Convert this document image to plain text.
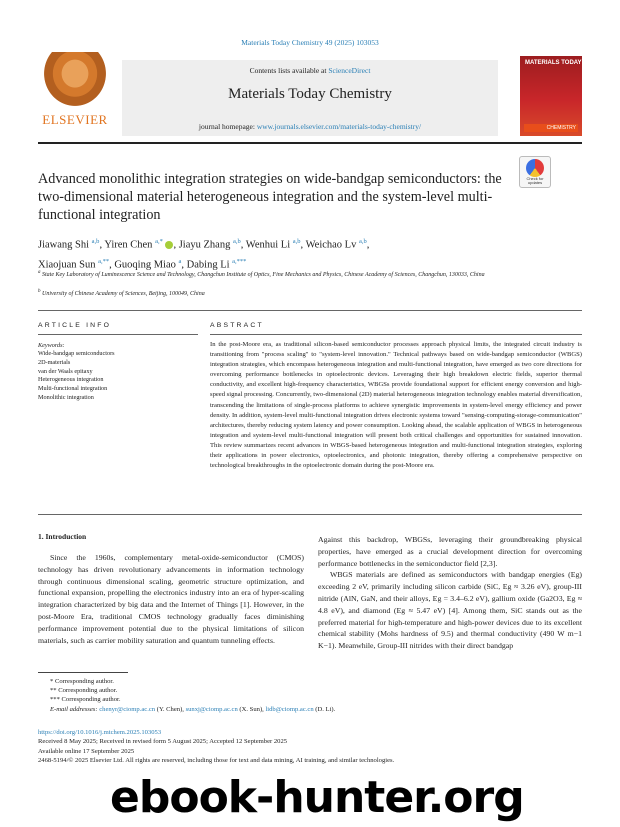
Materials Today Chemistry 49 (2025) 103053
ELSEVIER
Contents lists available at ScienceDirect
Materials Today Chemistry
journal homepage: www.journals.elsevier.com/materials-today-chemistry/
MATERIALS TODAY
CHEMISTRY
Check for updates
Advanced monolithic integration strategies on wide-bandgap semiconductors: the two-dimensional material heterogeneous integration and the system-level multi-functional integration
Jiawang Shi $^{a,b}$, Yiren Chen $^{a,*}$ , Jiayu Zhang $^{a,b}$, Wenhui Li $^{a,b}$, Weichao Lv $^{a,b}$,
Xiaojuan Sun $^{a,**}$, Guoqing Miao $^a$, Dabing Li $^{a,***}$
$^a$ State Key Laboratory of Luminescence Science and Technology, Changchun Institute of Optics, Fine Mechanics and Physics, Chinese Academy of Sciences, Changchun, 130033, China
$^b$ University of Chinese Academy of Sciences, Beijing, 100049, China
ARTICLE INFO
Keywords:
Wide-bandgap semiconductors
2D-materials
van der Waals epitaxy
Heterogeneous integration
Multi-functional integration
Monolithic integration
ABSTRACT
In the post-Moore era, as traditional silicon-based semiconductor processes approach physical limits, the integrated circuit industry is transitioning from "process scaling" to "system-level innovation." Technical pathways based on wide-bandgap semiconductor (WBGS) integration strategies, which encompass heterogeneous integration and multi-functional integration, have emerged as two core directions for overcoming performance bottlenecks in optoelectronic devices. Leveraging their high breakdown electric fields, superior thermal conductivity, and excellent high-frequency characteristics, WBGSs provide foundational support for efficient energy conversion and high-speed signal processing. Concurrently, two-dimensional (2D) material heterogeneous integration technology enables material diversification, transcending the limitations of single-process platforms to achieve synergistic improvements in system-level energy efficiency and power density. In addition, system-level multi-functional integration drives electronic systems toward "sensing-computing-storage-communication" architectures, thereby reducing system latency and power consumption. Looking ahead, the scalable application of WBGS in heterogeneous integration and system-level multi-functional integration will present both critical challenges and opportunities for sustained innovation. This review summarizes recent advances in WBGS-based heterogeneous integration and multi-functional integration strategies, exploring their applications in power electronics, optoelectronics, and photonic integration, thereby offering a comprehensive perspective on technological breakthroughs in the optoelectronic domain during the post-Moore era.
1. Introduction
Since the 1960s, complementary metal-oxide-semiconductor (CMOS) technology has driven revolutionary advancements in information technology through continuous dimensional scaling, geometric structure optimization, and functional expansion, propelling the electronics industry into an era of hyper-scaling integration characterized by big data and the Internet of Things [1]. However, in the post-Moore Era, traditional CMOS technology gradually faces diminishing performance improvement potential due to the physical limitations of silicon materials, such as carrier mobility saturation and quantum tunneling effects.

Against this backdrop, WBGSs, leveraging their groundbreaking physical properties, have emerged as a crucial development direction for overcoming performance bottlenecks in the semiconductor field [2,3].

WBGS materials are defined as semiconductors with bandgap energies (Eg) exceeding 2 eV, primarily including silicon carbide (SiC, Eg ≈ 3.26 eV), group-III nitride (AlN, GaN, and their alloys, Eg = 3.4–6.2 eV), gallium oxide (Ga2O3, Eg ≈ 4.8 eV), and diamond (Eg ≈ 5.47 eV) [4]. Among them, SiC stands out as the preferred material for high-temperature and high-power devices due to its excellent chemical stability (Mohs hardness of 9.5) and thermal conductivity (490 W m−1 K−1). Meanwhile, Group-III nitrides with their direct bandgap

* Corresponding author.
** Corresponding author.
*** Corresponding author.
E-mail addresses: chenyr@ciomp.ac.cn (Y. Chen), sunxj@ciomp.ac.cn (X. Sun), lidb@ciomp.ac.cn (D. Li).
https://doi.org/10.1016/j.mtchem.2025.103053
Received 8 May 2025; Received in revised form 5 August 2025; Accepted 12 September 2025
Available online 17 September 2025
2468-5194/© 2025 Elsevier Ltd. All rights are reserved, including those for text and data mining, AI training, and similar technologies.
ebook-hunter.org
